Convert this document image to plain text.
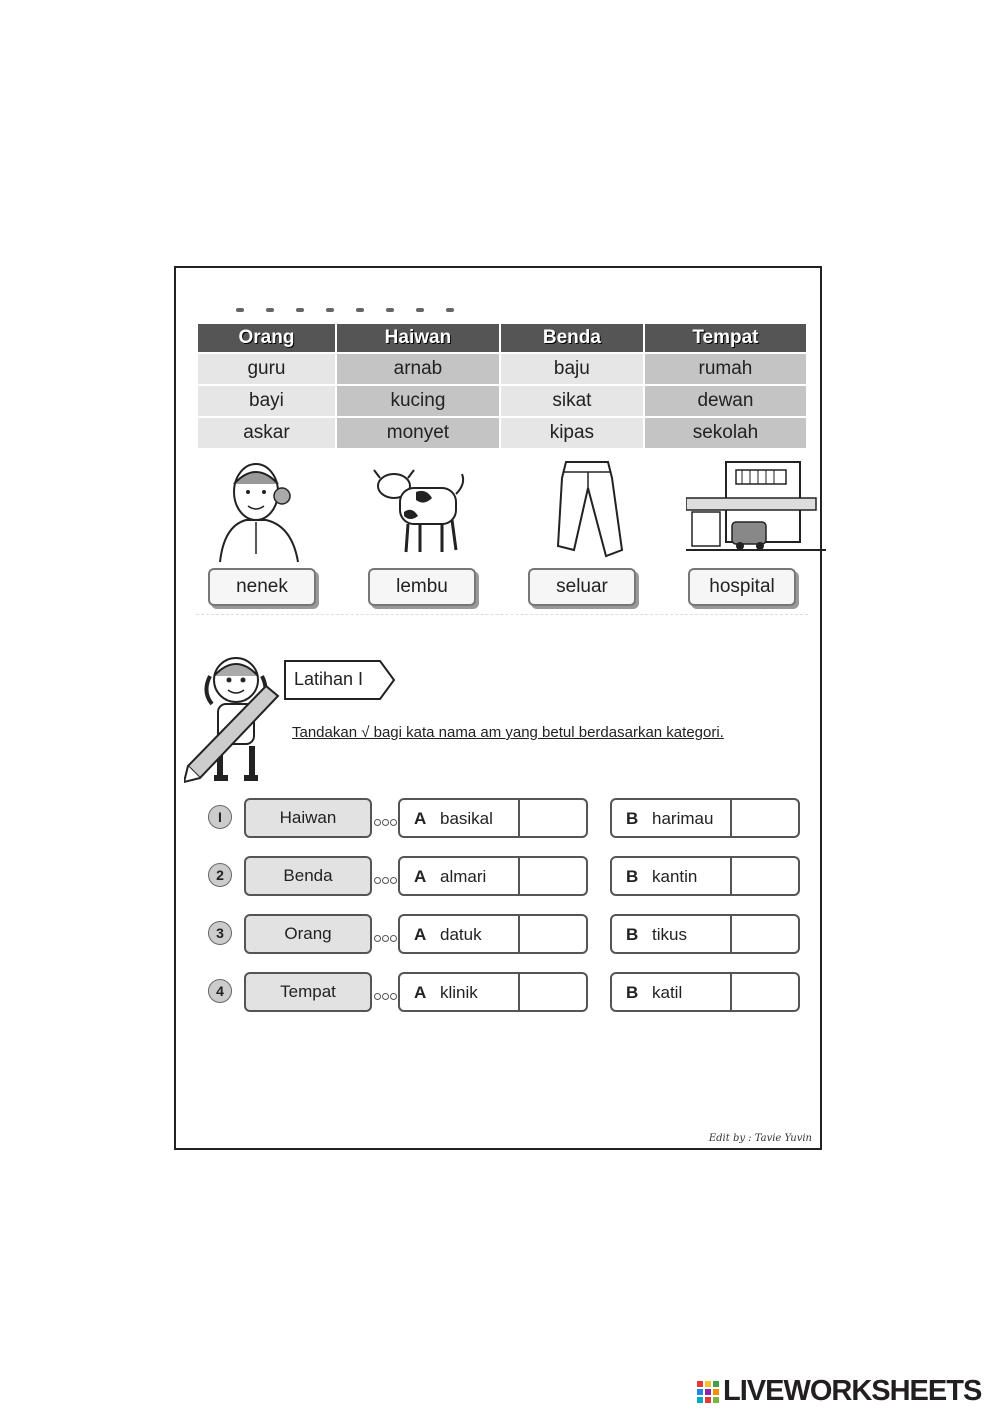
Orang	Haiwan	Benda	Tempat
guru	arnab	baju	rumah
bayi	kucing	sikat	dewan
askar	monyet	kipas	sekolah
nenek	lembu	seluar	hospital
Latihan I
Tandakan √ bagi kata nama am yang betul berdasarkan kategori.
I	Haiwan	A basikal	B harimau
2	Benda	A almari	B kantin
3	Orang	A datuk	B tikus
4	Tempat	A klinik	B katil
Edit by : Tavie Yuvin
LIVEWORKSHEETS
